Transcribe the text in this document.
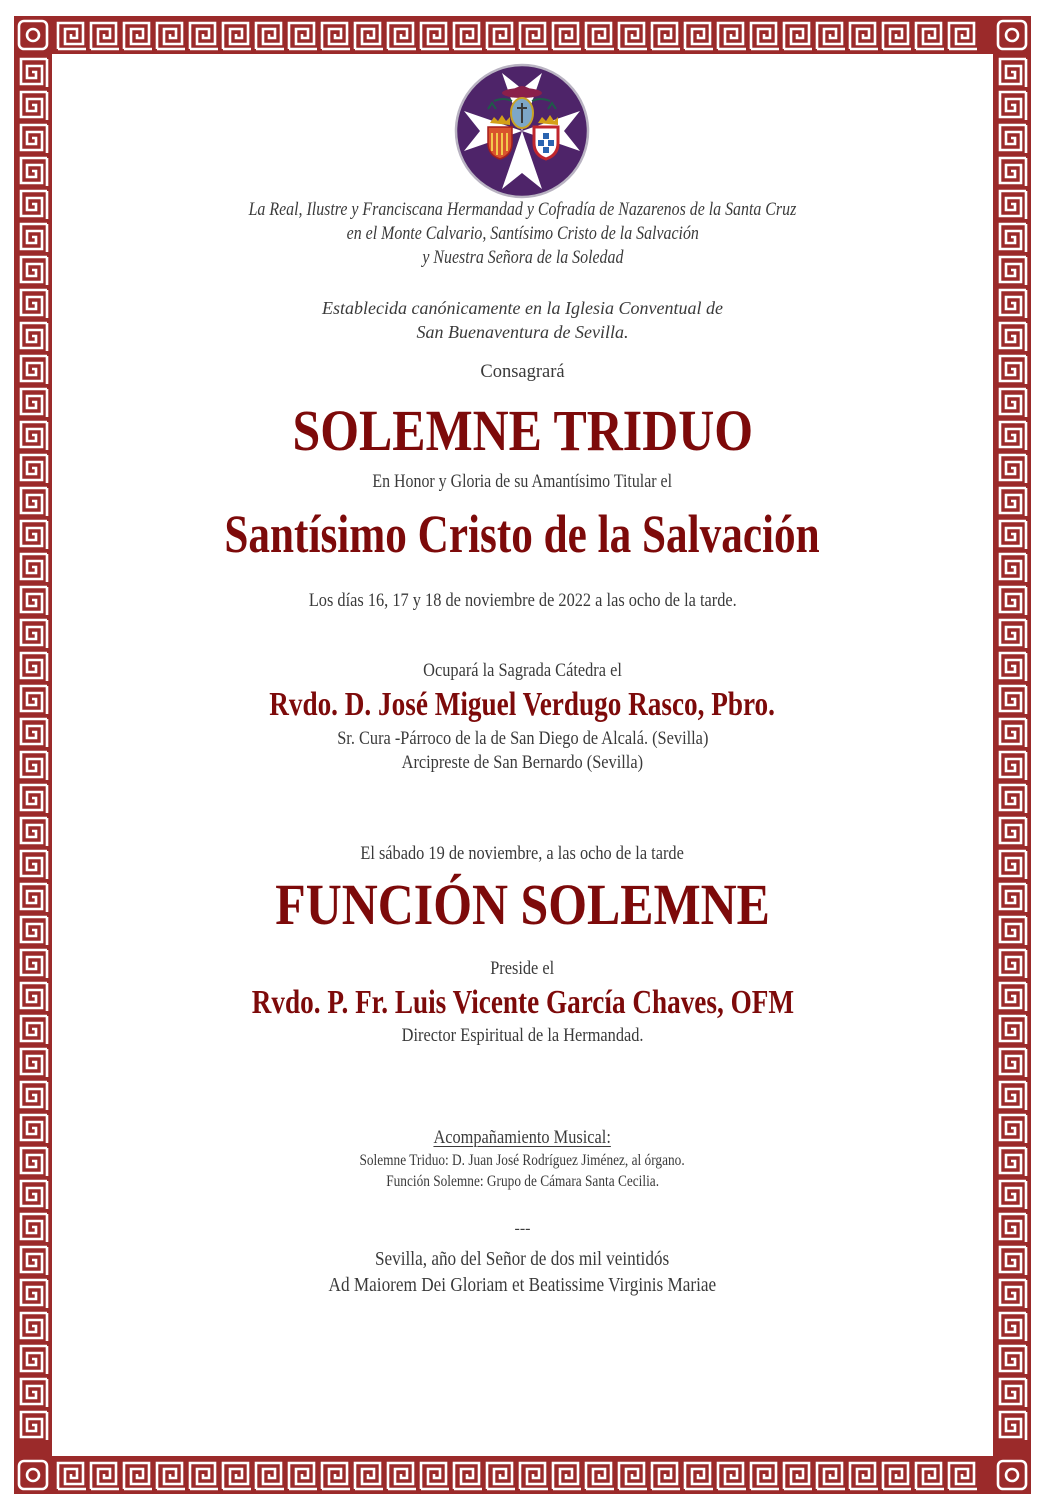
La Real, Ilustre y Franciscana Hermandad y Cofradía de Nazarenos de la Santa Cruz
en el Monte Calvario, Santísimo Cristo de la Salvación
y Nuestra Señora de la Soledad
Establecida canónicamente en la Iglesia Conventual de
San Buenaventura de Sevilla.
Consagrará
SOLEMNE TRIDUO
En Honor y Gloria de su Amantísimo Titular el
Santísimo Cristo de la Salvación
Los días 16, 17 y 18 de noviembre de 2022 a las ocho de la tarde.
Ocupará la Sagrada Cátedra el
Rvdo. D. José Miguel Verdugo Rasco, Pbro.
Sr. Cura -Párroco de la de San Diego de Alcalá. (Sevilla)
Arcipreste de San Bernardo (Sevilla)
El sábado 19 de noviembre, a las ocho de la tarde
FUNCIÓN SOLEMNE
Preside el
Rvdo. P. Fr. Luis Vicente García Chaves, OFM
Director Espiritual de la Hermandad.
Acompañamiento Musical:
Solemne Triduo: D. Juan José Rodríguez Jiménez, al órgano.
Función Solemne: Grupo de Cámara Santa Cecilia.
---
Sevilla, año del Señor de dos mil veintidós
Ad Maiorem Dei Gloriam et Beatissime Virginis Mariae
